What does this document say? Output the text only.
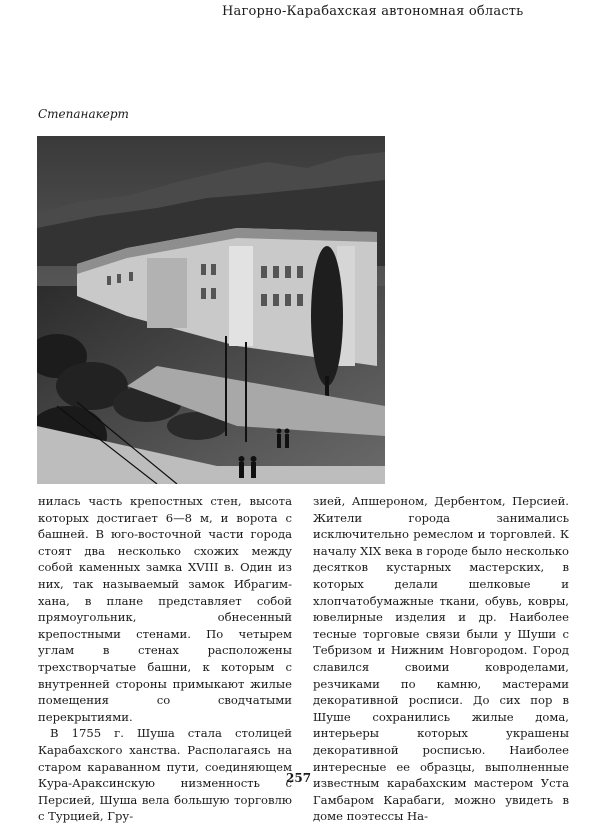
Нагорно-Карабахская автономная область
Степанакерт

нилась часть крепостных стен, высота которых достигает 6—8 м, и ворота с башней. В юго-восточной части города стоят два несколько схожих между собой каменных замка XVIII в. Один из них, так называемый замок Ибрагим-хана, в плане представляет собой прямоугольник, обнесенный крепостными стенами. По четырем углам в стенах расположены трехстворчатые башни, к которым с внутренней стороны примыкают жилые помещения со сводчатыми перекрытиями.

В 1755 г. Шуша стала столицей Карабахского ханства. Располагаясь на старом караванном пути, соединяющем Кура-Араксинскую низменность с Персией, Шуша вела большую торговлю с Турцией, Гру-

зией, Апшероном, Дербентом, Персией. Жители города занимались исключительно ремеслом и торговлей. К началу XIX века в городе было несколько десятков кустарных мастерских, в которых делали шелковые и хлопчатобумажные ткани, обувь, ковры, ювелирные изделия и др. Наиболее тесные торговые связи были у Шуши с Тебризом и Нижним Новгородом. Город славился своими ковроделами, резчиками по камню, мастерами декоративной росписи. До сих пор в Шуше сохранились жилые дома, интерьеры которых украшены декоративной росписью. Наиболее интересные ее образцы, выполненные известным карабахским мастером Уста Гамбаром Карабаги, можно увидеть в доме поэтессы На-

257
